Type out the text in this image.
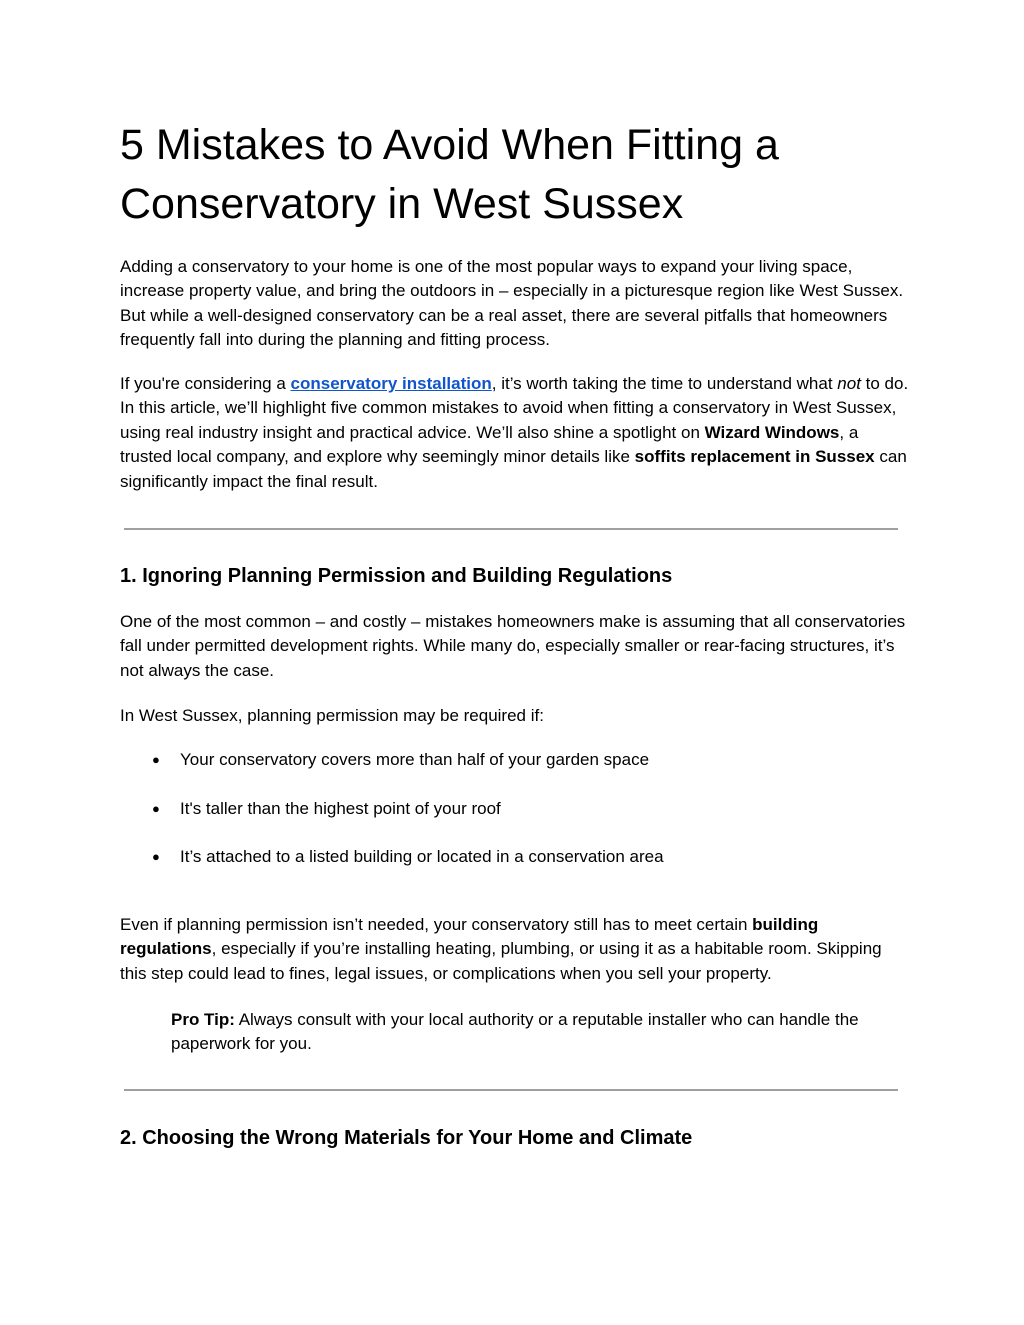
5 Mistakes to Avoid When Fitting a Conservatory in West Sussex

Adding a conservatory to your home is one of the most popular ways to expand your living space, increase property value, and bring the outdoors in – especially in a picturesque region like West Sussex. But while a well-designed conservatory can be a real asset, there are several pitfalls that homeowners frequently fall into during the planning and fitting process.

If you're considering a conservatory installation, it’s worth taking the time to understand what not to do. In this article, we’ll highlight five common mistakes to avoid when fitting a conservatory in West Sussex, using real industry insight and practical advice. We’ll also shine a spotlight on Wizard Windows, a trusted local company, and explore why seemingly minor details like soffits replacement in Sussex can significantly impact the final result.

1. Ignoring Planning Permission and Building Regulations

One of the most common – and costly – mistakes homeowners make is assuming that all conservatories fall under permitted development rights. While many do, especially smaller or rear-facing structures, it’s not always the case.

In West Sussex, planning permission may be required if:

● Your conservatory covers more than half of your garden space
● It's taller than the highest point of your roof
● It’s attached to a listed building or located in a conservation area

Even if planning permission isn’t needed, your conservatory still has to meet certain building regulations, especially if you’re installing heating, plumbing, or using it as a habitable room. Skipping this step could lead to fines, legal issues, or complications when you sell your property.

Pro Tip: Always consult with your local authority or a reputable installer who can handle the paperwork for you.

2. Choosing the Wrong Materials for Your Home and Climate
